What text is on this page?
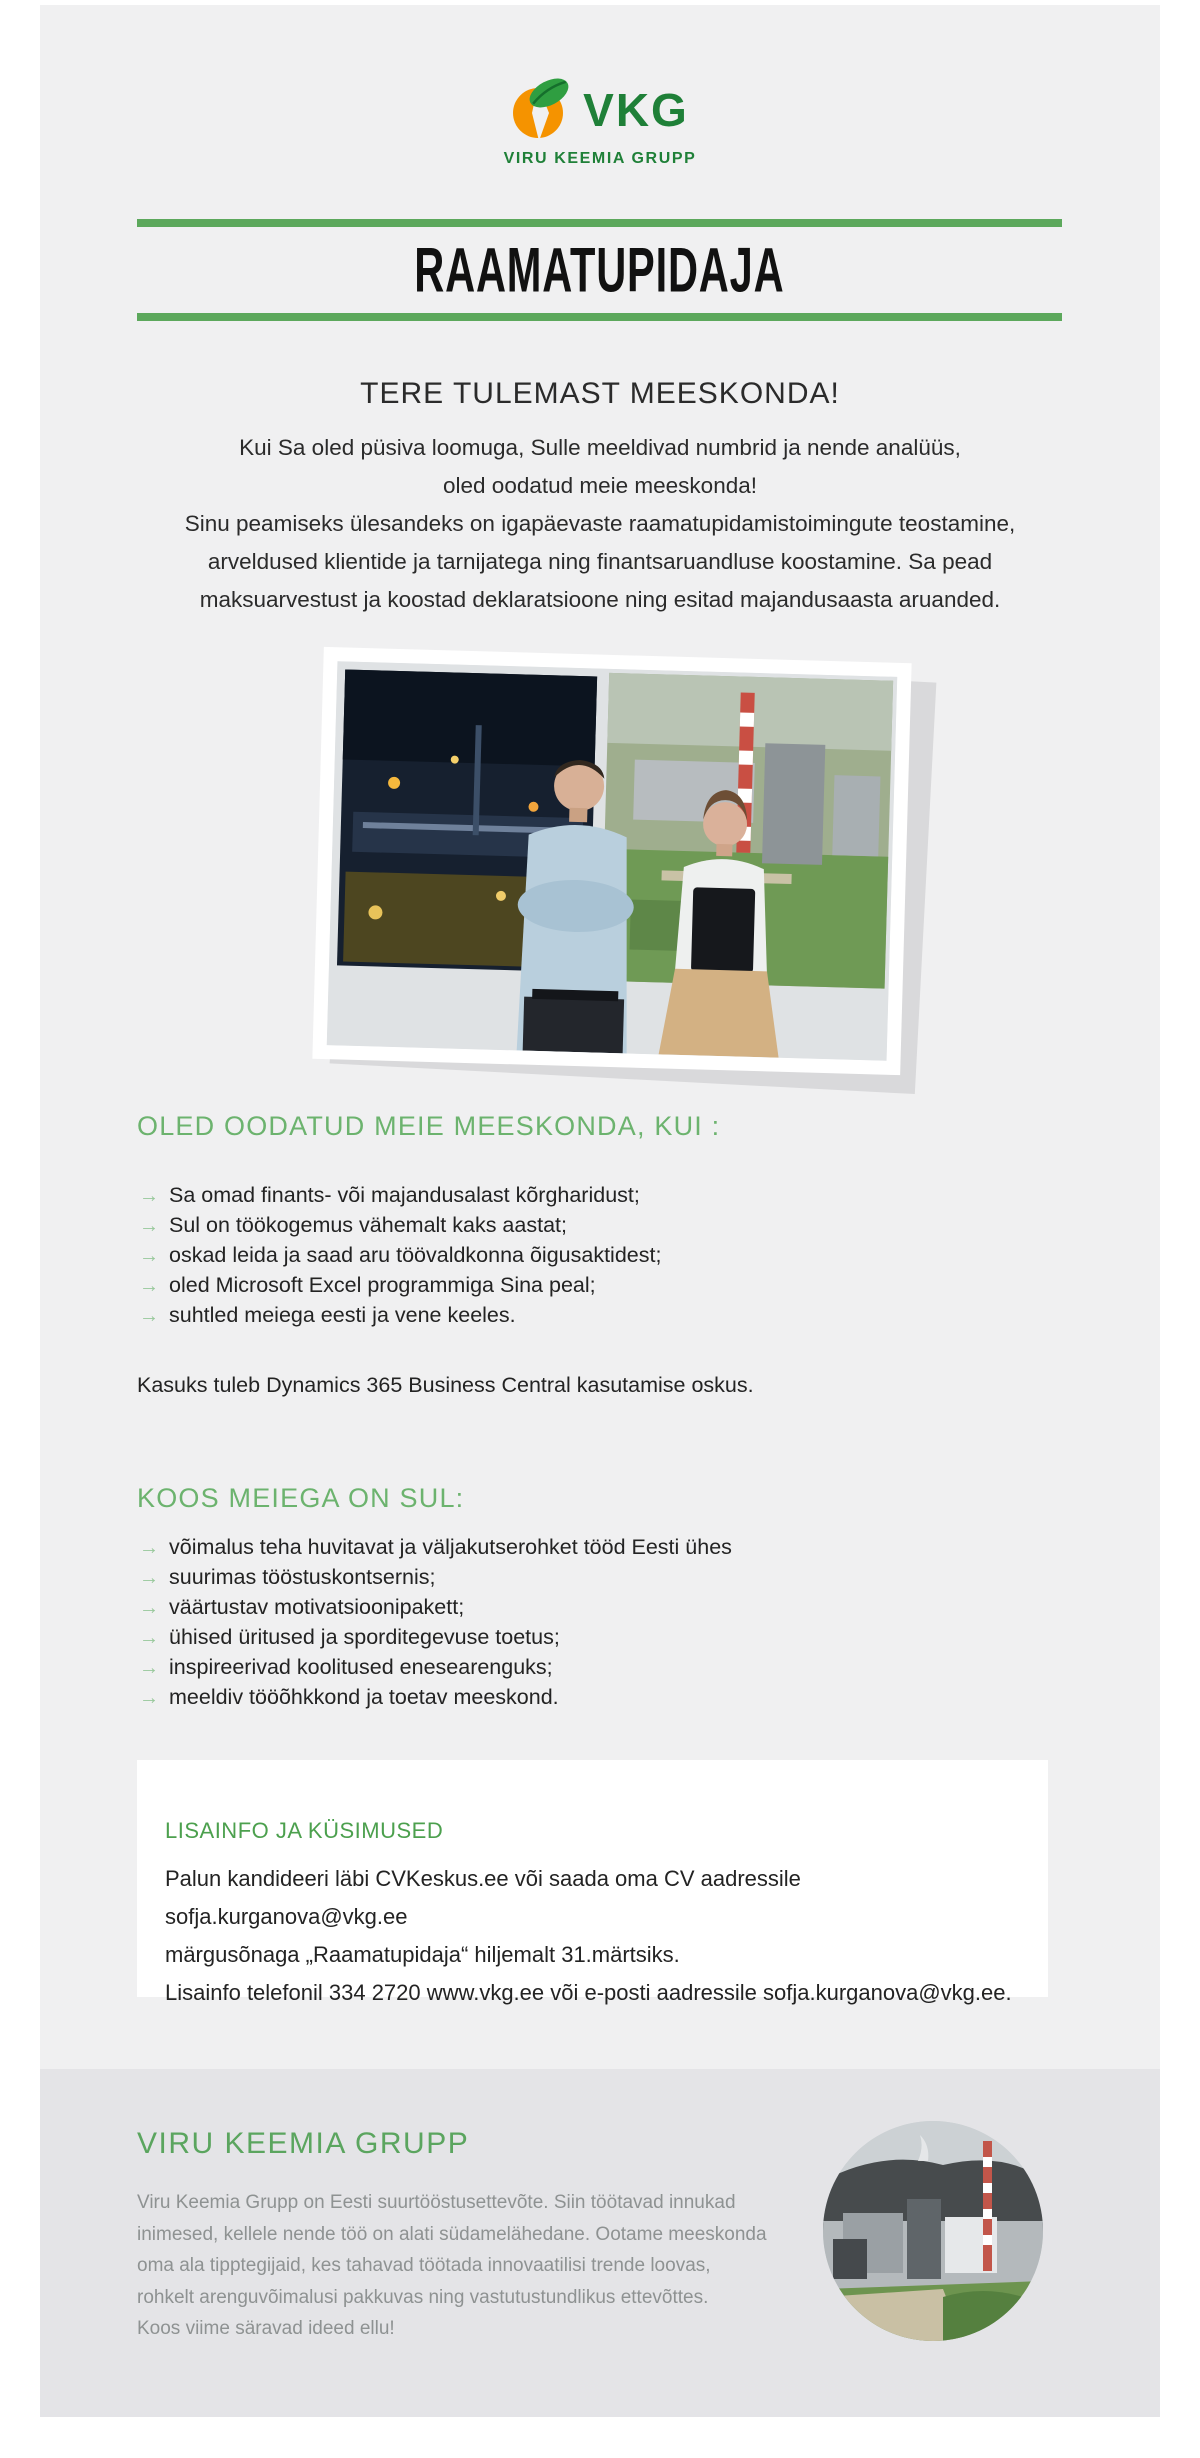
VKG
VIRU KEEMIA GRUPP
RAAMATUPIDAJA
TERE TULEMAST MEESKONDA!
Kui Sa oled püsiva loomuga, Sulle meeldivad numbrid ja nende analüüs,
oled oodatud meie meeskonda!
Sinu peamiseks ülesandeks on igapäevaste raamatupidamistoimingute teostamine,
arveldused klientide ja tarnijatega ning finantsaruandluse koostamine. Sa pead
maksuarvestust ja koostad deklaratsioone ning esitad majandusaasta aruanded.
OLED OODATUD MEIE MEESKONDA, KUI :
→ Sa omad finants- või majandusalast kõrgharidust;
→ Sul on töökogemus vähemalt kaks aastat;
→ oskad leida ja saad aru töövaldkonna õigusaktidest;
→ oled Microsoft Excel programmiga Sina peal;
→ suhtled meiega eesti ja vene keeles.
Kasuks tuleb Dynamics 365 Business Central kasutamise oskus.
KOOS MEIEGA ON SUL:
→ võimalus teha huvitavat ja väljakutserohket tööd Eesti ühes
→ suurimas tööstuskontsernis;
→ väärtustav motivatsioonipakett;
→ ühised üritused ja sporditegevuse toetus;
→ inspireerivad koolitused enesearenguks;
→ meeldiv tööõhkkond ja toetav meeskond.
LISAINFO JA KÜSIMUSED
Palun kandideeri läbi CVKeskus.ee või saada oma CV aadressile sofja.kurganova@vkg.ee
märgusõnaga „Raamatupidaja“ hiljemalt 31.märtsiks.
Lisainfo telefonil 334 2720 www.vkg.ee või e-posti aadressile sofja.kurganova@vkg.ee.
VIRU KEEMIA GRUPP
Viru Keemia Grupp on Eesti suurtööstusettevõte. Siin töötavad innukad
inimesed, kellele nende töö on alati südamelähedane. Ootame meeskonda
oma ala tipptegijaid, kes tahavad töötada innovaatilisi trende loovas,
rohkelt arenguvõimalusi pakkuvas ning vastutustundlikus ettevõttes.
Koos viime säravad ideed ellu!
